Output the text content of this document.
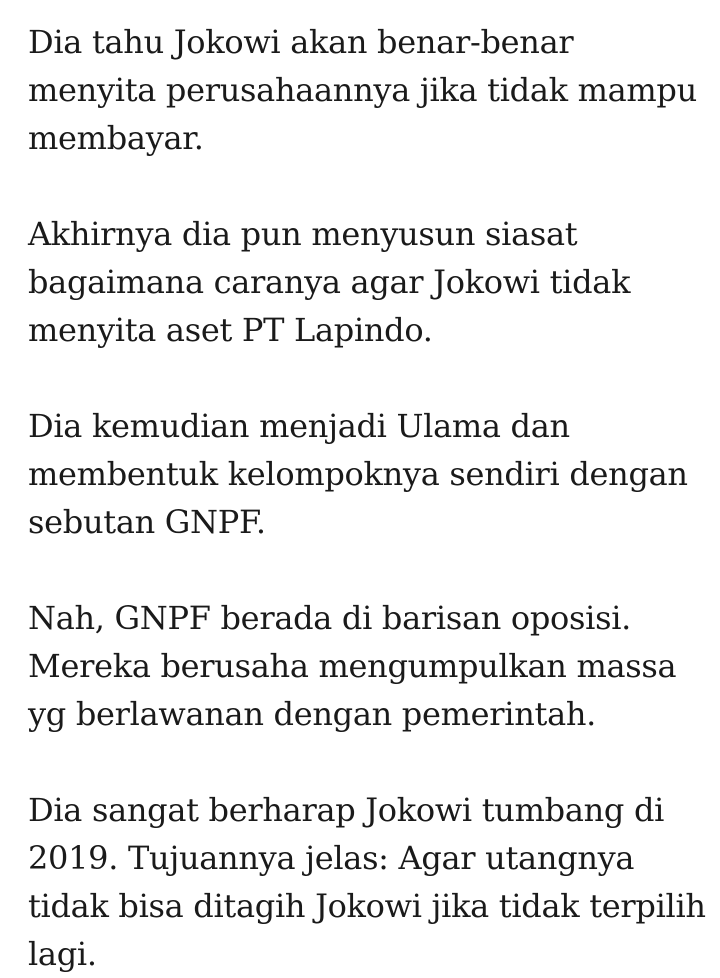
Dia tahu Jokowi akan benar-benar menyita perusahaannya jika tidak mampu membayar.

Akhirnya dia pun menyusun siasat bagaimana caranya agar Jokowi tidak menyita aset PT Lapindo.

Dia kemudian menjadi Ulama dan membentuk kelompoknya sendiri dengan sebutan GNPF.

Nah, GNPF berada di barisan oposisi. Mereka berusaha mengumpulkan massa yg berlawanan dengan pemerintah.

Dia sangat berharap Jokowi tumbang di 2019. Tujuannya jelas: Agar utangnya tidak bisa ditagih Jokowi jika tidak terpilih lagi.
